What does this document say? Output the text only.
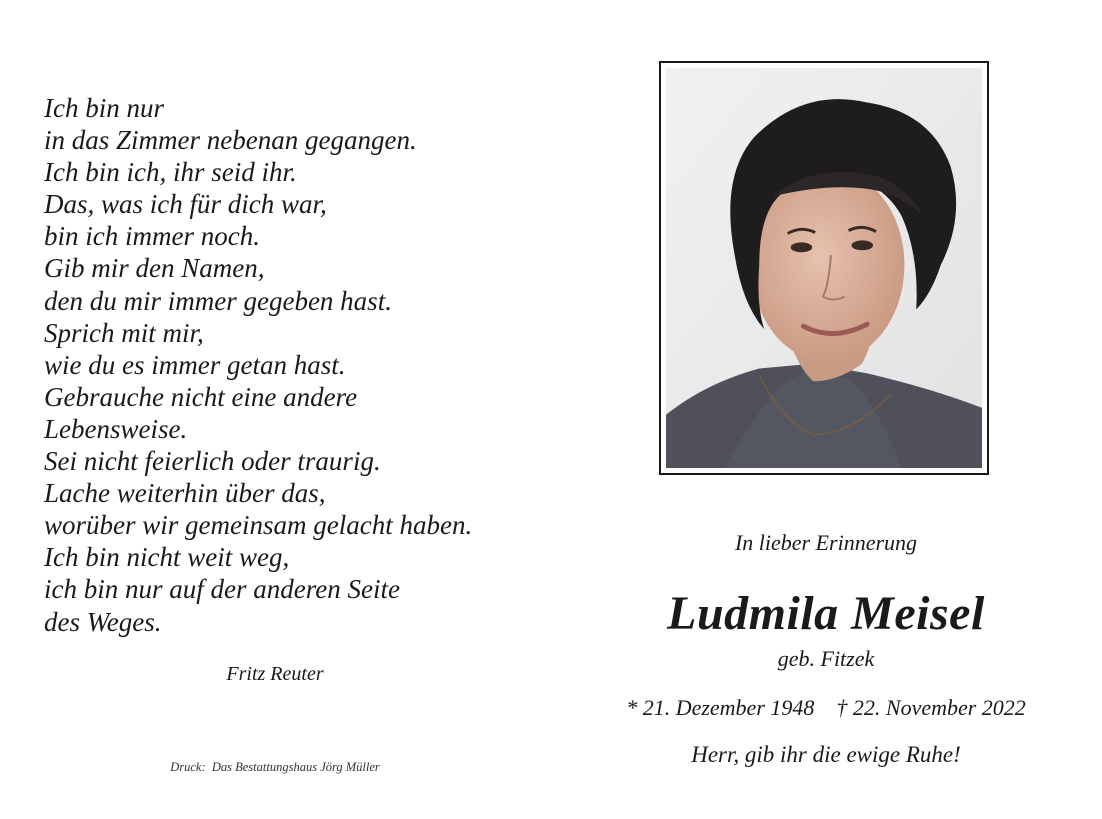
Ich bin nur
in das Zimmer nebenan gegangen.
Ich bin ich, ihr seid ihr.
Das, was ich für dich war,
bin ich immer noch.
Gib mir den Namen,
den du mir immer gegeben hast.
Sprich mit mir,
wie du es immer getan hast.
Gebrauche nicht eine andere
Lebensweise.
Sei nicht feierlich oder traurig.
Lache weiterhin über das,
worüber wir gemeinsam gelacht haben.
Ich bin nicht weit weg,
ich bin nur auf der anderen Seite
des Weges.
Fritz Reuter
Druck:  Das Bestattungshaus Jörg Müller
In lieber Erinnerung
Ludmila Meisel
geb. Fitzek
* 21. Dezember 1948 † 22. November 2022
Herr, gib ihr die ewige Ruhe!
